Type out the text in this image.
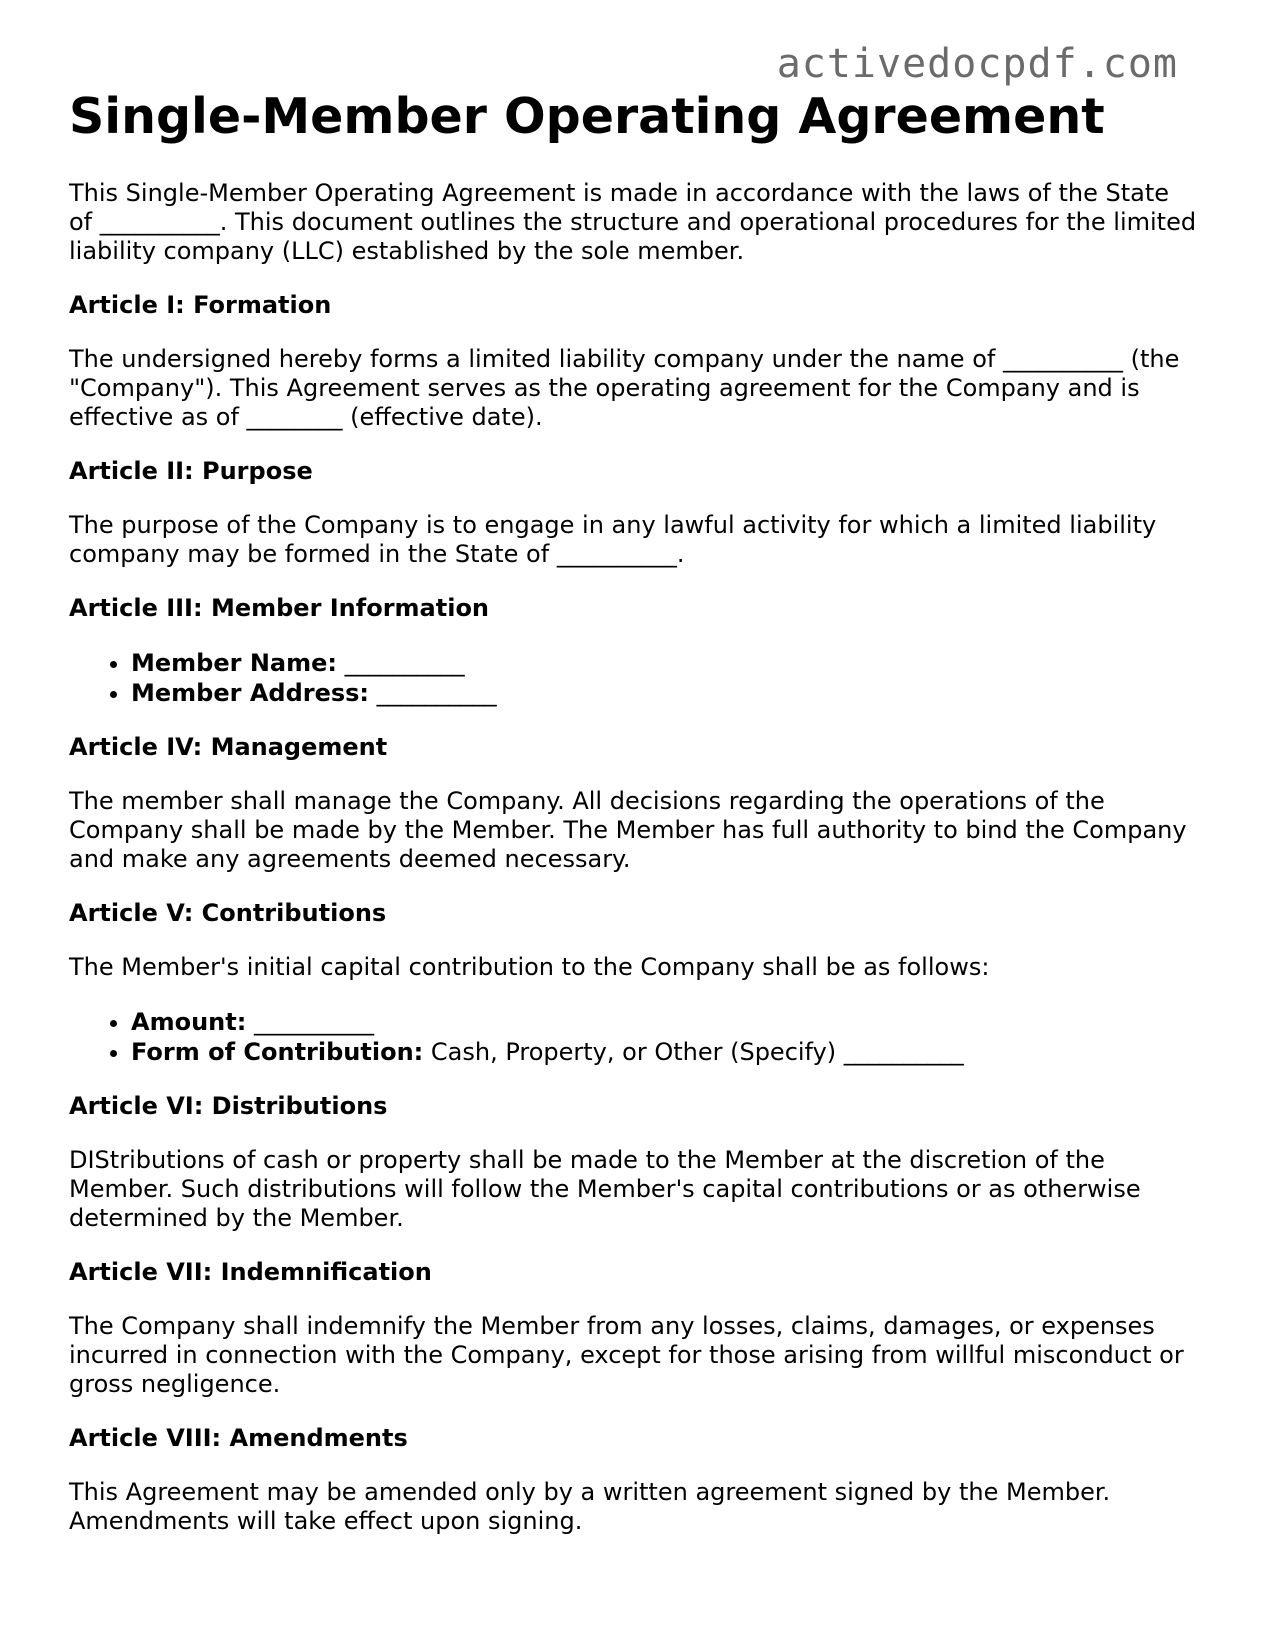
activedocpdf.com
Single-Member Operating Agreement

This Single-Member Operating Agreement is made in accordance with the laws of the State of __________. This document outlines the structure and operational procedures for the limited liability company (LLC) established by the sole member.

Article I: Formation

The undersigned hereby forms a limited liability company under the name of __________ (the "Company"). This Agreement serves as the operating agreement for the Company and is effective as of ________ (effective date).

Article II: Purpose

The purpose of the Company is to engage in any lawful activity for which a limited liability company may be formed in the State of __________.

Article III: Member Information
• Member Name: __________
• Member Address: __________
Article IV: Management

The member shall manage the Company. All decisions regarding the operations of the Company shall be made by the Member. The Member has full authority to bind the Company and make any agreements deemed necessary.

Article V: Contributions

The Member's initial capital contribution to the Company shall be as follows:

• Amount: __________
• Form of Contribution: Cash, Property, or Other (Specify) __________
Article VI: Distributions

DIStributions of cash or property shall be made to the Member at the discretion of the Member. Such distributions will follow the Member's capital contributions or as otherwise determined by the Member.

Article VII: Indemnification

The Company shall indemnify the Member from any losses, claims, damages, or expenses incurred in connection with the Company, except for those arising from willful misconduct or gross negligence.

Article VIII: Amendments

This Agreement may be amended only by a written agreement signed by the Member. Amendments will take effect upon signing.
